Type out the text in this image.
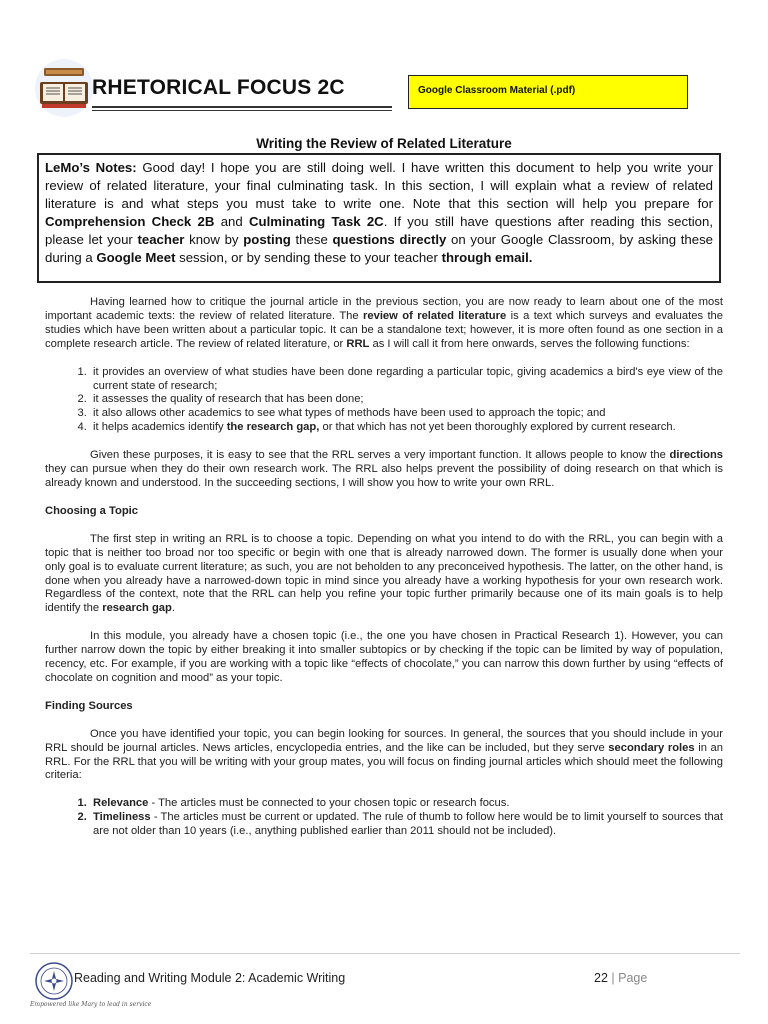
RHETORICAL FOCUS 2C	Google Classroom Material (.pdf)
Writing the Review of Related Literature
LeMo’s Notes: Good day! I hope you are still doing well. I have written this document to help you write your review of related literature, your final culminating task. In this section, I will explain what a review of related literature is and what steps you must take to write one. Note that this section will help you prepare for Comprehension Check 2B and Culminating Task 2C. If you still have questions after reading this section, please let your teacher know by posting these questions directly on your Google Classroom, by asking these during a Google Meet session, or by sending these to your teacher through email.

Having learned how to critique the journal article in the previous section, you are now ready to learn about one of the most important academic texts: the review of related literature. The review of related literature is a text which surveys and evaluates the studies which have been written about a particular topic. It can be a standalone text; however, it is more often found as one section in a complete research article. The review of related literature, or RRL as I will call it from here onwards, serves the following functions:

1. it provides an overview of what studies have been done regarding a particular topic, giving academics a bird's eye view of the current state of research;
2. it assesses the quality of research that has been done;
3. it also allows other academics to see what types of methods have been used to approach the topic; and
4. it helps academics identify the research gap, or that which has not yet been thoroughly explored by current research.

Given these purposes, it is easy to see that the RRL serves a very important function. It allows people to know the directions they can pursue when they do their own research work. The RRL also helps prevent the possibility of doing research on that which is already known and understood. In the succeeding sections, I will show you how to write your own RRL.

Choosing a Topic

The first step in writing an RRL is to choose a topic. Depending on what you intend to do with the RRL, you can begin with a topic that is neither too broad nor too specific or begin with one that is already narrowed down. The former is usually done when your only goal is to evaluate current literature; as such, you are not beholden to any preconceived hypothesis. The latter, on the other hand, is done when you already have a narrowed-down topic in mind since you already have a working hypothesis for your own research work. Regardless of the context, note that the RRL can help you refine your topic further primarily because one of its main goals is to help identify the research gap.

In this module, you already have a chosen topic (i.e., the one you have chosen in Practical Research 1). However, you can further narrow down the topic by either breaking it into smaller subtopics or by checking if the topic can be limited by way of population, recency, etc. For example, if you are working with a topic like “effects of chocolate,” you can narrow this down further by using “effects of chocolate on cognition and mood” as your topic.

Finding Sources

Once you have identified your topic, you can begin looking for sources. In general, the sources that you should include in your RRL should be journal articles. News articles, encyclopedia entries, and the like can be included, but they serve secondary roles in an RRL. For the RRL that you will be writing with your group mates, you will focus on finding journal articles which should meet the following criteria:

1. Relevance - The articles must be connected to your chosen topic or research focus.
2. Timeliness - The articles must be current or updated. The rule of thumb to follow here would be to limit yourself to sources that are not older than 10 years (i.e., anything published earlier than 2011 should not be included).
Reading and Writing Module 2: Academic Writing	22 | Page
Empowered like Mary to lead in service
